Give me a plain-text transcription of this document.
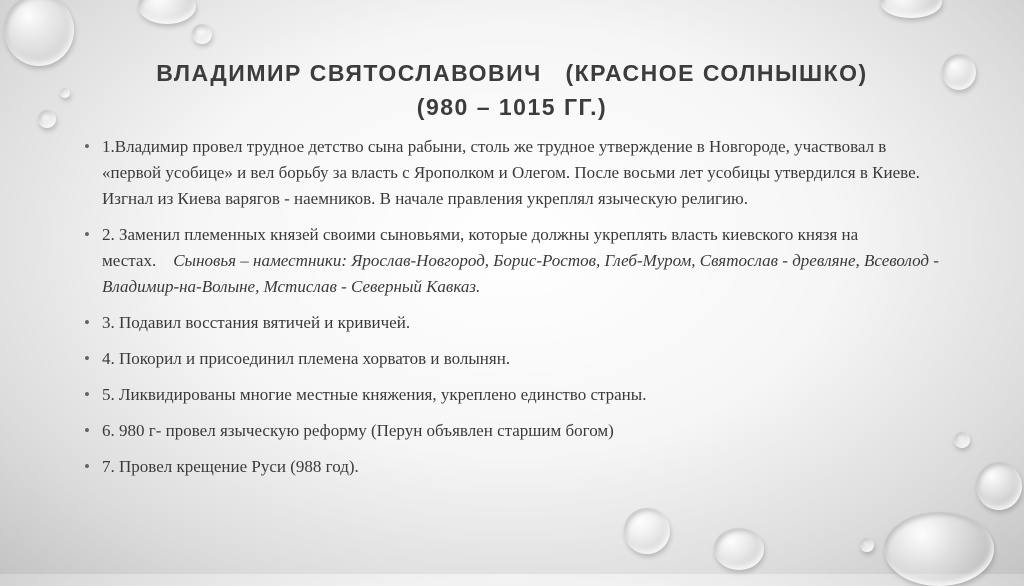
ВЛАДИМИР СВЯТОСЛАВОВИЧ   (КРАСНОЕ СОЛНЫШКО)
(980 – 1015 ГГ.)
• 1.Владимир провел трудное детство сына рабыни, столь же трудное утверждение в Новгороде, участвовал в «первой усобице» и вел борьбу за власть с Ярополком и Олегом. После восьми лет усобицы утвердился в Киеве. Изгнал из Киева варягов - наемников. В начале правления укреплял языческую религию.
• 2. Заменил племенных князей своими сыновьями, которые должны укреплять власть киевского князя на местах. Сыновья – наместники: Ярослав-Новгород, Борис-Ростов, Глеб-Муром, Святослав - древляне, Всеволод - Владимир-на-Волыне, Мстислав - Северный Кавказ.
• 3. Подавил восстания вятичей и кривичей.
• 4. Покорил и присоединил племена хорватов и волынян.
• 5. Ликвидированы многие местные княжения, укреплено единство страны.
• 6. 980 г- провел языческую реформу (Перун объявлен старшим богом)
• 7. Провел крещение Руси (988 год).
